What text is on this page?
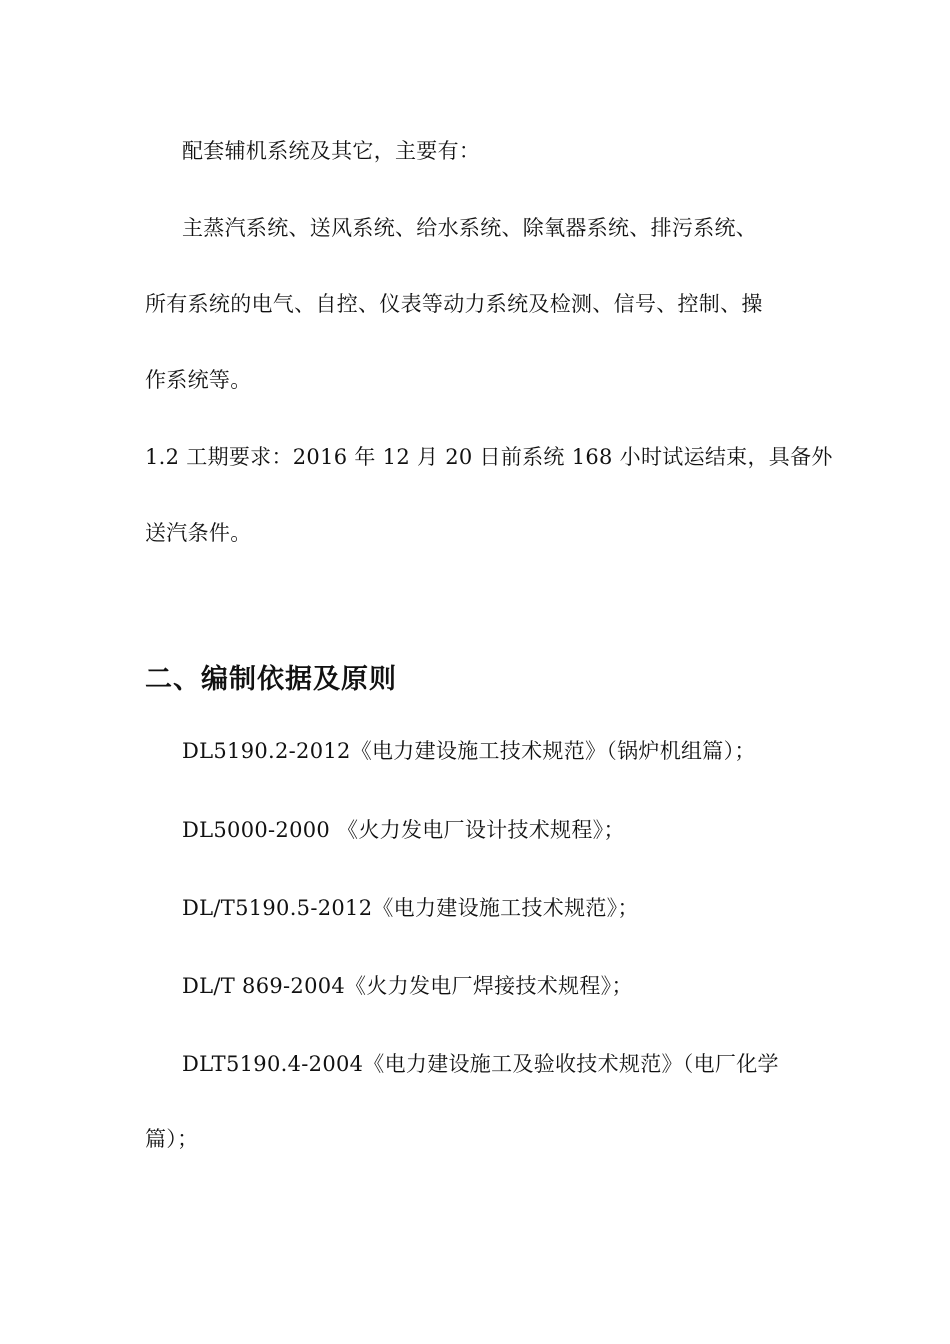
配套辅机系统及其它，主要有：
主蒸汽系统、送风系统、给水系统、除氧器系统、排污系统、
所有系统的电气、自控、仪表等动力系统及检测、信号、控制、操
作系统等。
1.2 工期要求：2016 年 12 月 20 日前系统 168 小时试运结束，具备外
送汽条件。
二、编制依据及原则
DL5190.2-2012《电力建设施工技术规范》（锅炉机组篇）；
DL5000-2000 《火力发电厂设计技术规程》；
DL/T5190.5-2012《电力建设施工技术规范》；
DL/T 869-2004《火力发电厂焊接技术规程》；
DLT5190.4-2004《电力建设施工及验收技术规范》（电厂化学
篇）；
